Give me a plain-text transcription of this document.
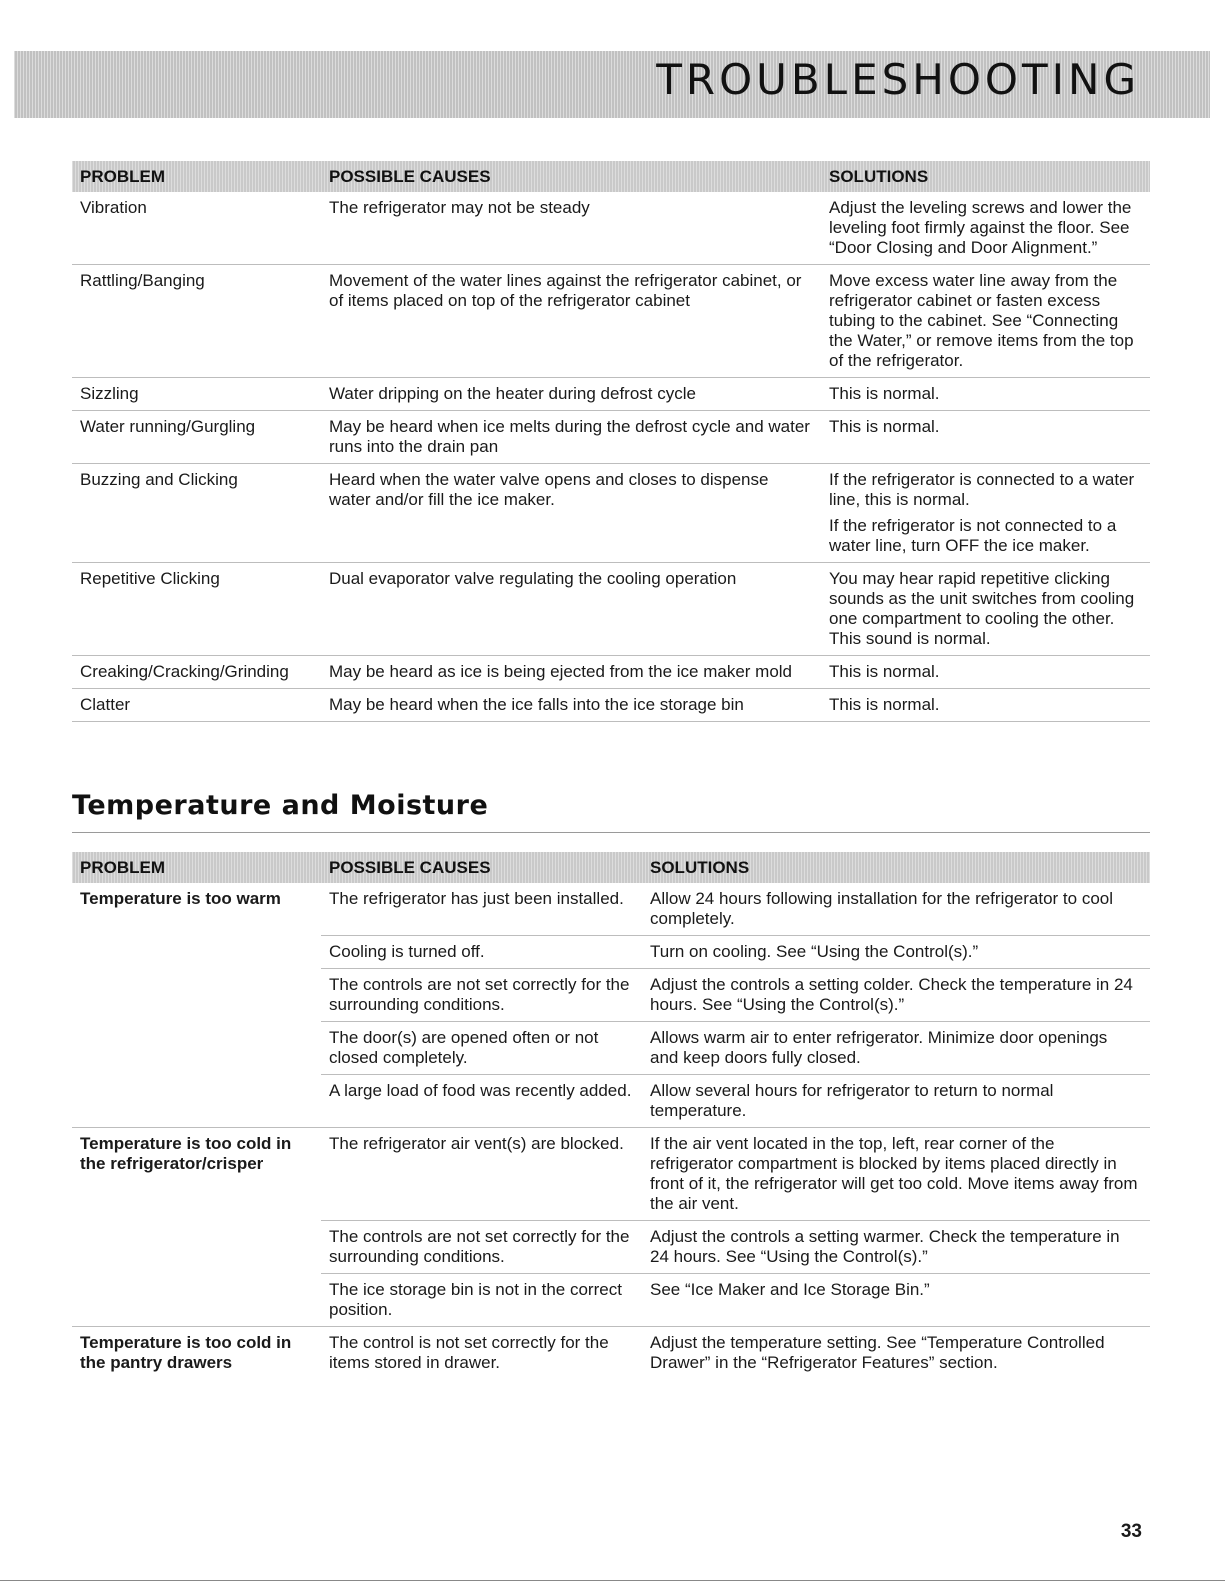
TROUBLESHOOTING
PROBLEM	POSSIBLE CAUSES	SOLUTIONS
Vibration	The refrigerator may not be steady	Adjust the leveling screws and lower the leveling foot firmly against the floor. See “Door Closing and Door Alignment.”
Rattling/Banging	Movement of the water lines against the refrigerator cabinet, or of items placed on top of the refrigerator cabinet	Move excess water line away from the refrigerator cabinet or fasten excess tubing to the cabinet. See “Connecting the Water,” or remove items from the top of the refrigerator.
Sizzling	Water dripping on the heater during defrost cycle	This is normal.
Water running/Gurgling	May be heard when ice melts during the defrost cycle and water runs into the drain pan	This is normal.
Buzzing and Clicking	Heard when the water valve opens and closes to dispense water and/or fill the ice maker.	If the refrigerator is connected to a water line, this is normal.
If the refrigerator is not connected to a water line, turn OFF the ice maker.

Repetitive Clicking	Dual evaporator valve regulating the cooling operation	You may hear rapid repetitive clicking sounds as the unit switches from cooling one compartment to cooling the other. This sound is normal.
Creaking/Cracking/Grinding	May be heard as ice is being ejected from the ice maker mold	This is normal.
Clatter	May be heard when the ice falls into the ice storage bin	This is normal.
Temperature and Moisture
PROBLEM	POSSIBLE CAUSES	SOLUTIONS
Temperature is too warm	The refrigerator has just been installed.	Allow 24 hours following installation for the refrigerator to cool completely.
	Cooling is turned off.	Turn on cooling. See “Using the Control(s).”
	The controls are not set correctly for the surrounding conditions.	Adjust the controls a setting colder. Check the temperature in 24 hours. See “Using the Control(s).”
	The door(s) are opened often or not closed completely.	Allows warm air to enter refrigerator. Minimize door openings and keep doors fully closed.
	A large load of food was recently added.	Allow several hours for refrigerator to return to normal temperature.
Temperature is too cold in the refrigerator/crisper	The refrigerator air vent(s) are blocked.	If the air vent located in the top, left, rear corner of the refrigerator compartment is blocked by items placed directly in front of it, the refrigerator will get too cold. Move items away from the air vent.
	The controls are not set correctly for the surrounding conditions.	Adjust the controls a setting warmer. Check the temperature in 24 hours. See “Using the Control(s).”
	The ice storage bin is not in the correct position.	See “Ice Maker and Ice Storage Bin.”
Temperature is too cold in the pantry drawers	The control is not set correctly for the items stored in drawer.	Adjust the temperature setting. See “Temperature Controlled Drawer” in the “Refrigerator Features” section.
33
